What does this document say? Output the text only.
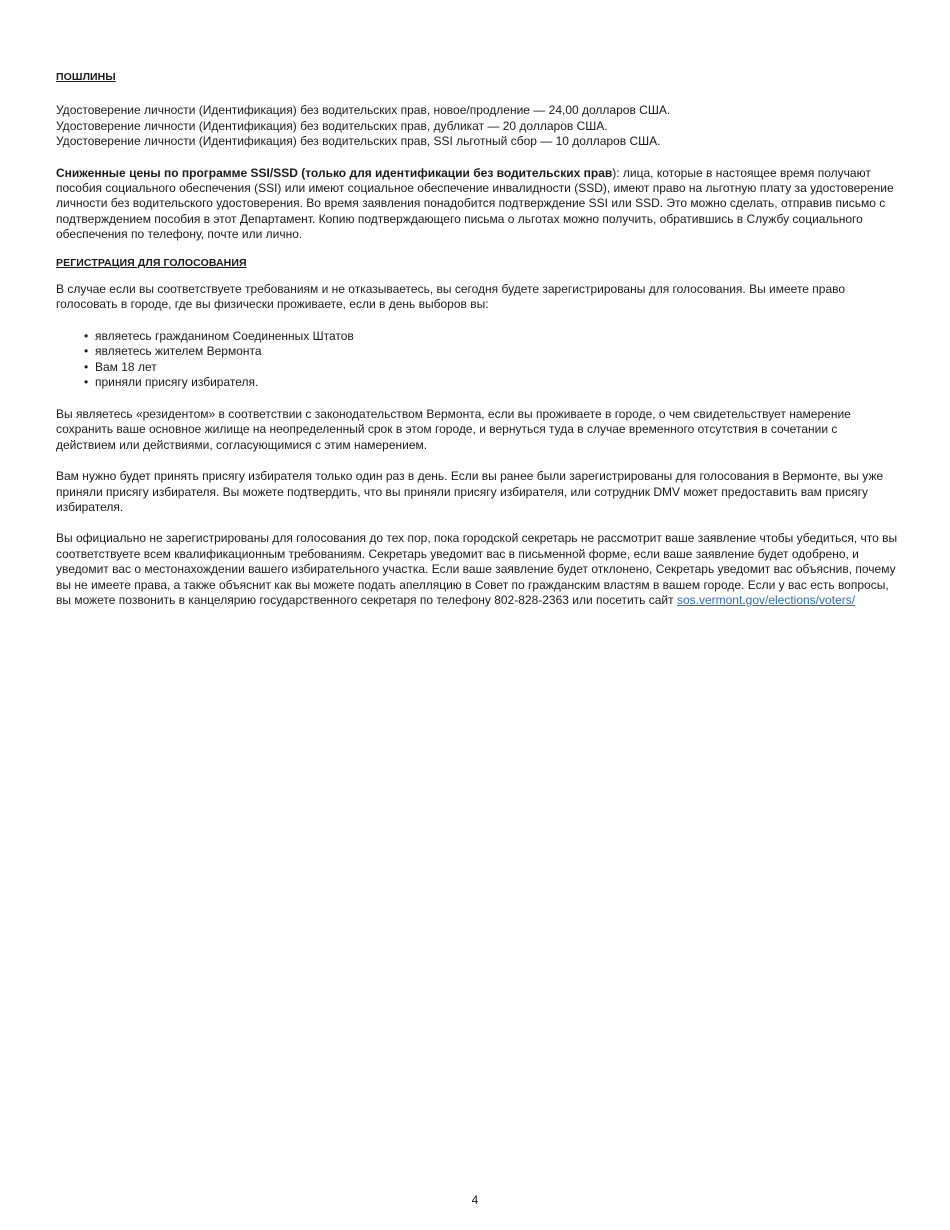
ПОШЛИНЫ

Удостоверение личности (Идентификация) без водительских прав, новое/продление — 24,00 долларов США.

Удостоверение личности (Идентификация) без водительских прав, дубликат — 20 долларов США.

Удостоверение личности (Идентификация) без водительских прав, SSI льготный сбор — 10 долларов США.

Сниженные цены по программе SSI/SSD (только для идентификации без водительских прав): лица, которые в настоящее время получают пособия социального обеспечения (SSI) или имеют социальное обеспечение инвалидности (SSD), имеют право на льготную плату за удостоверение личности без водительского удостоверения. Во время заявления понадобится подтверждение SSI или SSD. Это можно сделать, отправив письмо с подтверждением пособия в этот Департамент. Копию подтверждающего письма о льготах можно получить, обратившись в Службу социального обеспечения по телефону, почте или лично.

РЕГИСТРАЦИЯ ДЛЯ ГОЛОСОВАНИЯ

В случае если вы соответствуете требованиям и не отказываетесь, вы сегодня будете зарегистрированы для голосования. Вы имеете право голосовать в городе, где вы физически проживаете, если в день выборов вы:

• являетесь гражданином Соединенных Штатов
• являетесь жителем Вермонта
• Вам 18 лет
• приняли присягу избирателя.

Вы являетесь «резидентом» в соответствии с законодательством Вермонта, если вы проживаете в городе, о чем свидетельствует намерение сохранить ваше основное жилище на неопределенный срок в этом городе, и вернуться туда в случае временного отсутствия в сочетании с действием или действиями, согласующимися с этим намерением.

Вам нужно будет принять присягу избирателя только один раз в день. Если вы ранее были зарегистрированы для голосования в Вермонте, вы уже приняли присягу избирателя. Вы можете подтвердить, что вы приняли присягу избирателя, или сотрудник DMV может предоставить вам присягу избирателя.

Вы официально не зарегистрированы для голосования до тех пор, пока городской секретарь не рассмотрит ваше заявление чтобы убедиться, что вы соответствуете всем квалификационным требованиям. Секретарь уведомит вас в письменной форме, если ваше заявление будет одобрено, и уведомит вас о местонахождении вашего избирательного участка. Если ваше заявление будет отклонено, Секретарь уведомит вас объяснив, почему вы не имеете права, а также объяснит как вы можете подать апелляцию в Совет по гражданским властям в вашем городе. Если у вас есть вопросы, вы можете позвонить в канцелярию государственного секретаря по телефону 802-828-2363 или посетить сайт sos.vermont.gov/elections/voters/

4
